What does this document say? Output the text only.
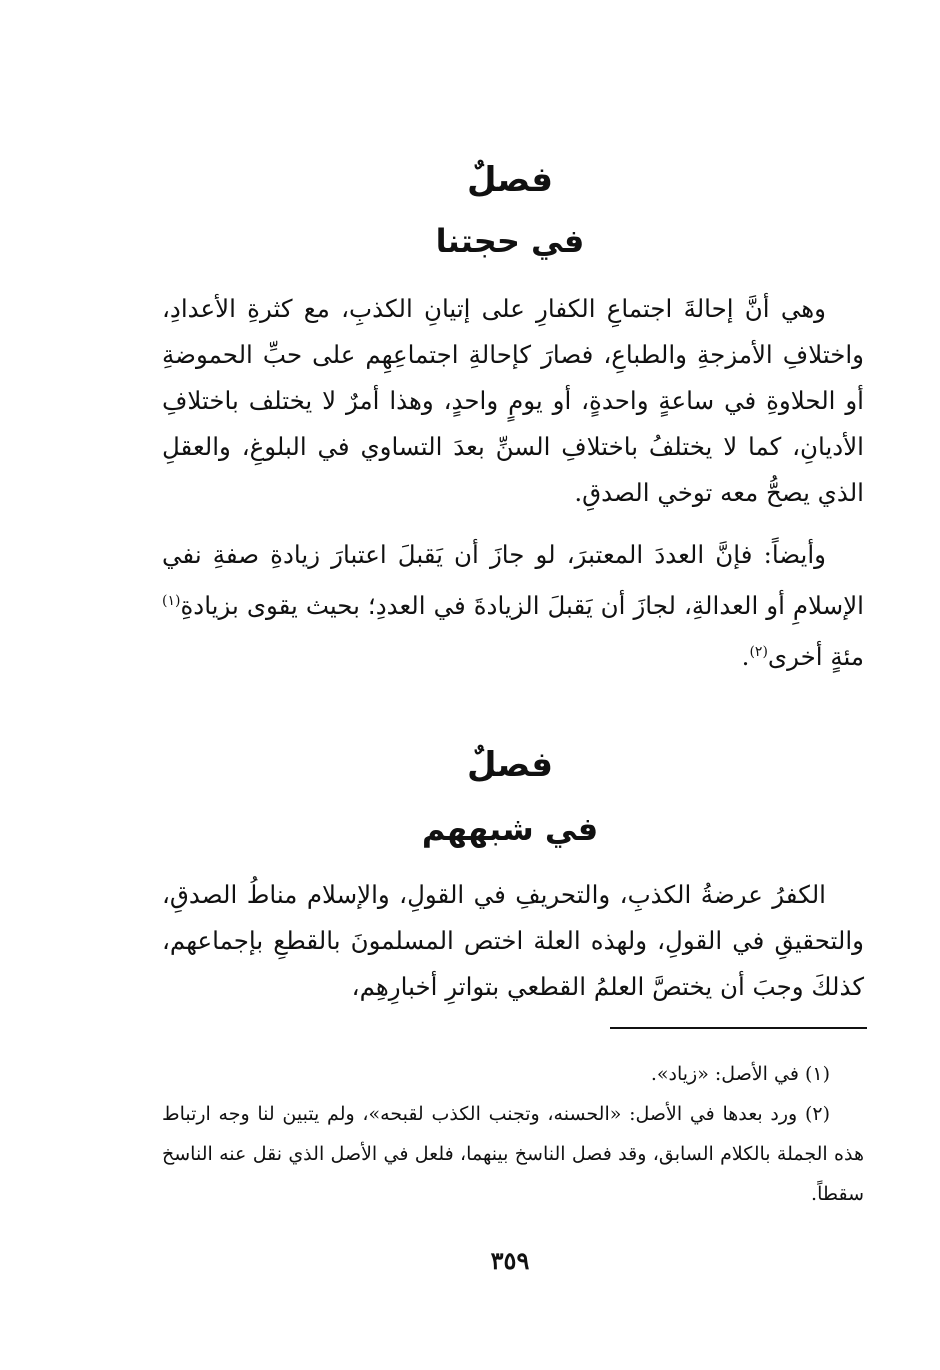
فصلٌ
في حجتنا

وهي أنَّ إحالةَ اجتماعِ الكفارِ على إتيانِ الكذبِ، مع كثرةِ الأعدادِ، واختلافِ الأمزجةِ والطباعِ، فصارَ كإحالةِ اجتماعِهِم على حبِّ الحموضةِ أو الحلاوةِ في ساعةٍ واحدةٍ، أو يومٍ واحدٍ، وهذا أمرٌ لا يختلف باختلافِ الأديانِ، كما لا يختلفُ باختلافِ السنِّ بعدَ التساوي في البلوغِ، والعقلِ الذي يصحُّ معه توخي الصدقِ.

وأيضاً: فإنَّ العددَ المعتبرَ، لو جازَ أن يَقبلَ اعتبارَ زيادةِ صفةِ نفي الإسلامِ أو العدالةِ، لجازَ أن يَقبلَ الزيادةَ في العددِ؛ بحيث يقوى بزيادةِ$^{(١)}$ مئةٍ أخرى$^{(٢)}$.

فصلٌ
في شبههم

الكفرُ عرضةُ الكذبِ، والتحريفِ في القولِ، والإسلام مناطُ الصدقِ، والتحقيقِ في القولِ، ولهذه العلة اختص المسلمونَ بالقطعِ بإجماعهم، كذلكَ وجبَ أن يختصَّ العلمُ القطعي بتواترِ أخبارِهِم،

(١) في الأصل: «زياد».

(٢) ورد بعدها في الأصل: «الحسنه، وتجنب الكذب لقبحه»، ولم يتبين لنا وجه ارتباط هذه الجملة بالكلام السابق، وقد فصل الناسخ بينهما، فلعل في الأصل الذي نقل عنه الناسخ سقطاً.

٣٥٩
